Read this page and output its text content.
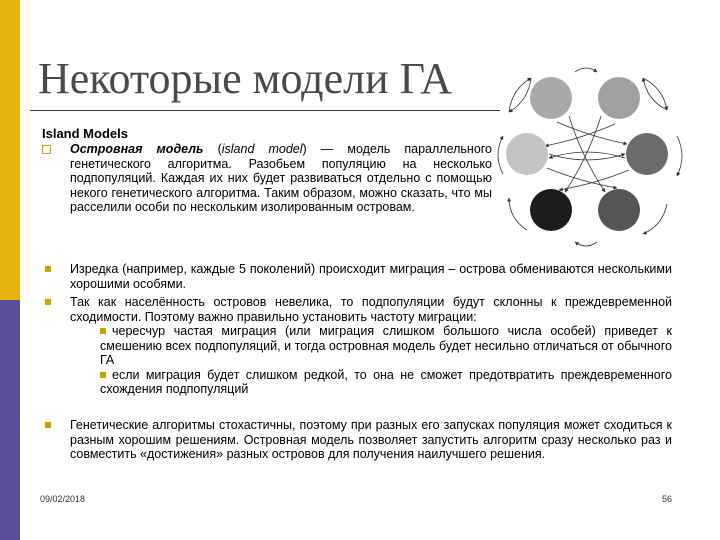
Некоторые модели ГА
Island Models
Островная модель (island model) — модель параллельного генетического алгоритма. Разобьем популяцию на несколько подпопуляций. Каждая их них будет развиваться отдельно с помощью некого генетического алгоритма. Таким образом, можно сказать, что мы расселили особи по нескольким изолированным островам.
Изредка (например, каждые 5 поколений) происходит миграция – острова обмениваются несколькими хорошими особями.
Так как населённость островов невелика, то подпопуляции будут склонны к преждевременной сходимости. Поэтому важно правильно установить частоту миграции:
чересчур частая миграция (или миграция слишком большого числа особей) приведет к смешению всех подпопуляций, и тогда островная модель будет несильно отличаться от обычного ГА
если миграция будет слишком редкой, то она не сможет предотвратить преждевременного схождения подпопуляций
Генетические алгоритмы стохастичны, поэтому при разных его запусках популяция может сходиться к разным хорошим решениям. Островная модель позволяет запустить алгоритм сразу несколько раз и совместить «достижения» разных островов для получения наилучшего решения.
09/02/2018	56
